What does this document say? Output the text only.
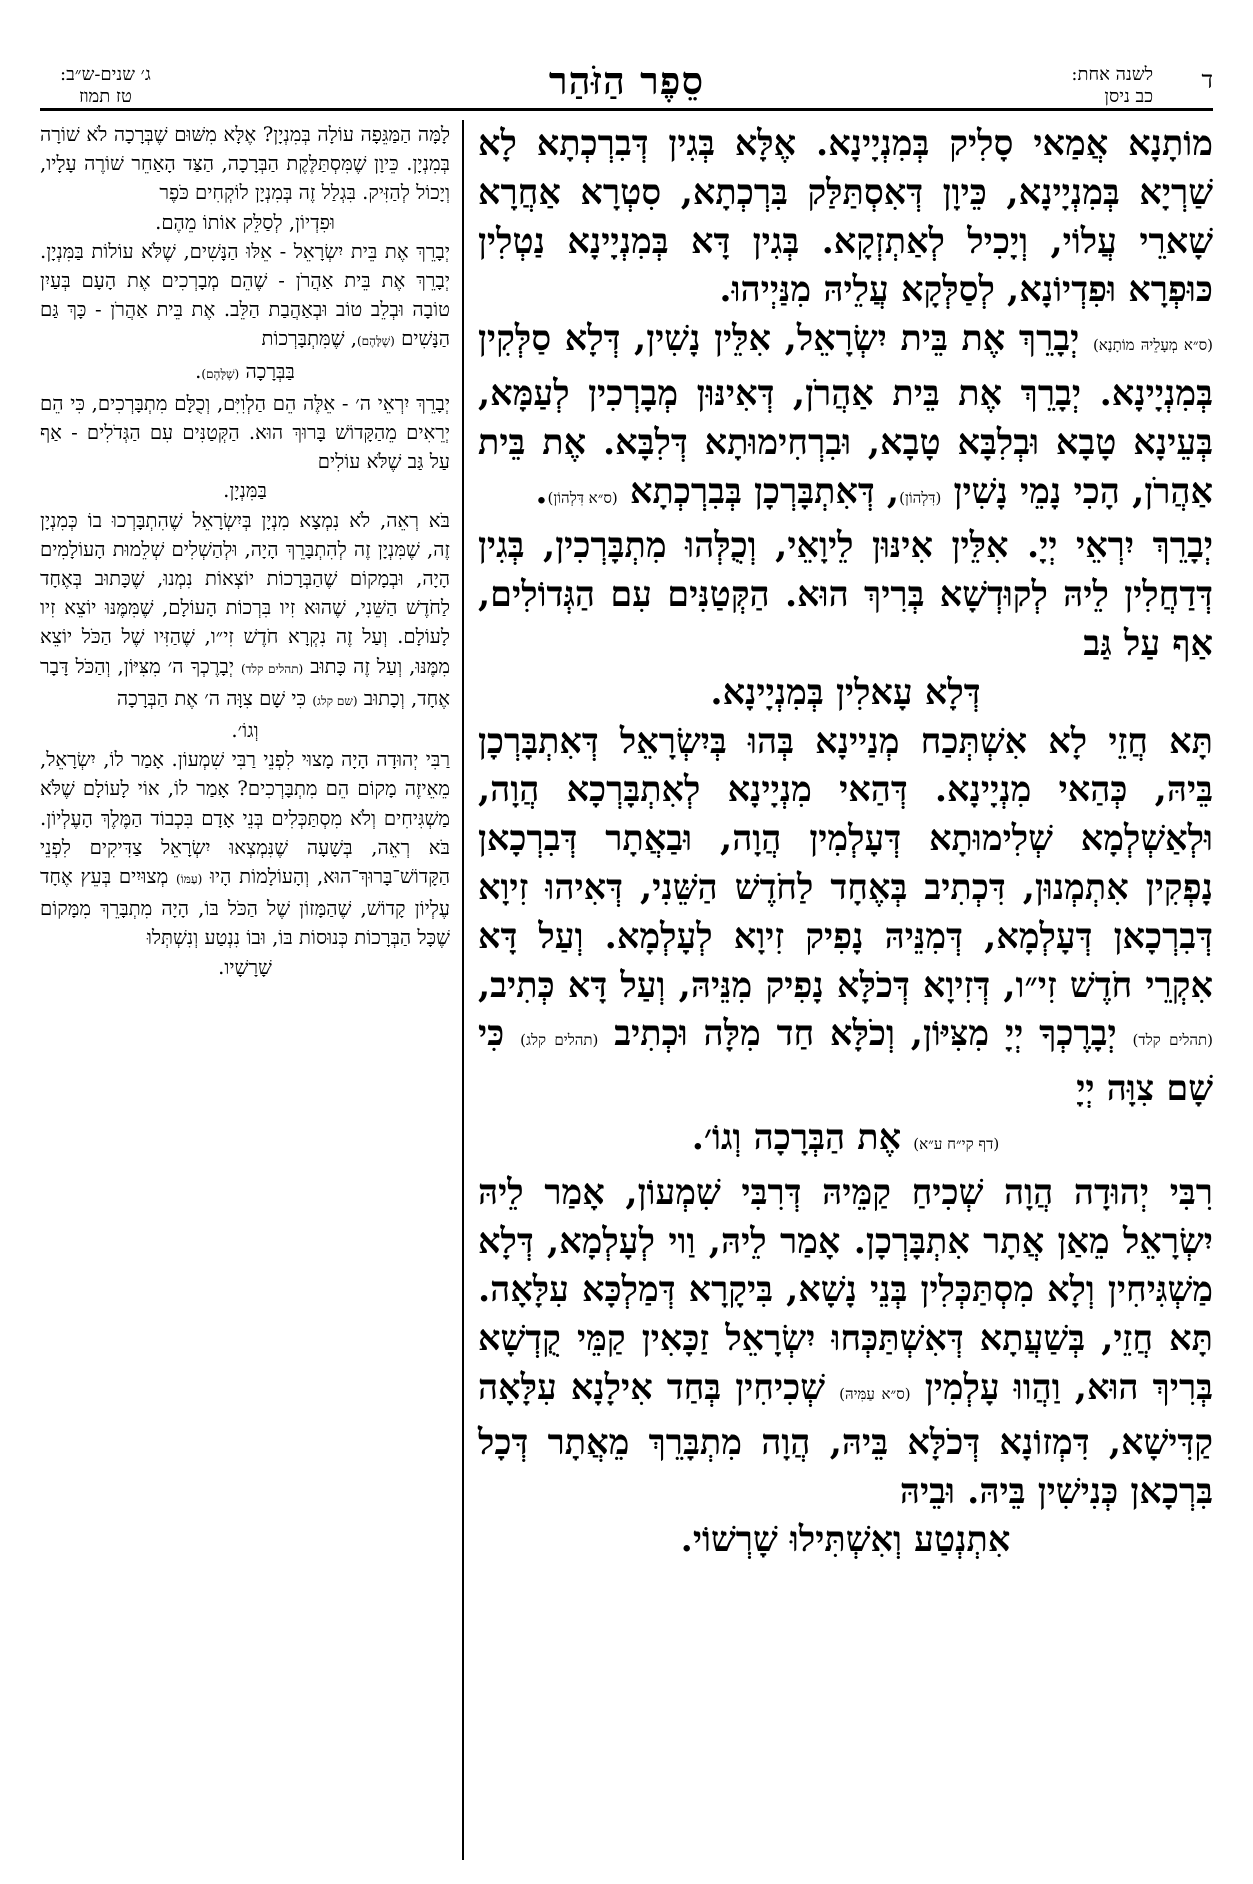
ד
לשנה אחת:
כב ניסן
סֵפֶר הַזֹּהַר
ג׳ שנים-ש״ב:
טז תמוז

מוֹתָנָא אֲמַאי סָלִיק בְּמִנְיָינָא. אֶלָּא בְּגִין דְּבִרְכְתָא לָא שַׁרְיָא בְּמִנְיָינָא, כֵּיוָן דְּאִסְתַּלַּק בִּרְכְתָא, סִטְרָא אַחֲרָא שָׁארֵי עֲלוֹי, וְיָכִיל לְאַתְזְקָא. בְּגִין דָּא בְּמִנְיָינָא נַטְלִין כּוּפְרָא וּפִדְיוֹנָא, לְסַלְּקָא עֲלֵיהּ מִנַּיְיהוּ.

(ס״א מְעָלֵיהּ מוֹתָנָא) יְבָרֵךְ אֶת בֵּית יִשְׂרָאֵל, אִלֵּין נָשִׁין, דְּלָא סַלְּקִין בְּמִנְיָינָא. יְבָרֵךְ אֶת בֵּית אַהֲרֹן, דְּאִינּוּן מְבָרְכִין לְעַמָּא, בְּעֵינָא טָבָא וּבְלִבָּא טָבָא, וּבִרְחִימוּתָא דְּלִבָּא. אֶת בֵּית אַהֲרֹן, הָכִי נָמֵי נָשִׁין (דִּלְהוֹן), דְּאִתְבָּרְכָן בְּבִרְכְתָא (ס״א דִּלְהוֹן).

יְבָרֵךְ יִרְאֵי יְיָ. אִלֵּין אִינּוּן לֵיוָאֵי, וְכֻלְּהוּ מִתְבָּרְכִין, בְּגִין דְּדַחֲלִין לֵיהּ לְקוּדְשָׁא בְּרִיךְ הוּא. הַקְּטַנִּים עִם הַגְּדוֹלִים, אַף עַל גַּב
דְּלָא עָאלִין בְּמִנְיָינָא.

תָּא חֲזֵי לָא אִשְׁתְּכַח מְנַיינָא בְּהוּ בְּיִשְׂרָאֵל דְּאִתְבָּרְכָן בֵּיהּ, כְּהַאי מִנְיָינָא. דְּהַאי מִנְיָינָא לְאִתְבָּרְכָא הֲוָה, וּלְאַשְׁלְמָא שְׁלִימוּתָא דְּעָלְמִין הֲוָה, וּבַאֲתָר דְּבִרְכָאן נָפְקִין אִתְמְנוּן, דִּכְתִיב בְּאֶחָד לַחֹדֶשׁ הַשֵּׁנִי, דְּאִיהוּ זִיוָא דְּבִרְכָאן דְּעָלְמָא, דְּמִנֵּיהּ נָפִיק זִיוָא לְעָלְמָא. וְעַל דָּא אִקְרֵי חֹדֶשׁ זִי״ו, דְּזִיוָא דְּכֹלָּא נָפִיק מִנֵּיהּ, וְעַל דָּא כְּתִיב, (תהלים קלד) יְבָרֶכְךָ יְיָ מִצִּיּוֹן, וְכֹלָּא חַד מִלָּה וּכְתִיב (תהלים קלג) כִּי שָׁם צִוָּה יְיָ
(דף קי״ח ע״א) אֶת הַבְּרָכָה וְגוֹ׳.

רִבִּי יְהוּדָה הֲוָה שְׁכִיחַ קַמֵּיהּ דְּרִבִּי שִׁמְעוֹן, אָמַר לֵיהּ יִשְׂרָאֵל מֵאַן אֲתָר אִתְבָּרְכָן. אָמַר לֵיהּ, וַוי לְעָלְמָא, דְּלָא מַשְׁגִּיחִין וְלָא מִסְתַּכְּלִין בְּנֵי נָשָׁא, בִּיקָרָא דְּמַלְכָּא עִלָּאָה. תָּא חֲזֵי, בְּשַׁעֲתָא דְּאִשְׁתַּכְּחוּ יִשְׂרָאֵל זַכָּאִין קַמֵּי קֻדְשָׁא בְּרִיךְ הוּא, וַהֲווּ עָלְמִין (ס״א עַמִּיהּ) שְׁכִיחִין בְּחַד אִילָנָא עִלָּאָה קַדִּישָׁא, דִּמְזוֹנָא דְּכֹלָּא בֵּיהּ, הֲוָה מִתְבָּרֵךְ מֵאֲתָר דְּכָל בִּרְכָאן כְּנִישִׁין בֵּיהּ. וּבֵיהּ
אִתְנְטַע וְאִשְׁתִּילוּ שָׁרְשׁוֹי.

לָמָּה הַמַּגֵּפָה עוֹלָה בְּמִנְיָן? אֶלָּא מִשּׁוּם שֶׁבְּרָכָה לֹא שׁוֹרָה בְּמִנְיָן. כֵּיוָן שֶׁמִּסְתַּלֶּקֶת הַבְּרָכָה, הַצַּד הָאַחֵר שׁוֹרֶה עָלָיו, וְיָכוֹל לְהַזִּיק. בִּגְלַל זֶה בְּמִנְיָן לוֹקְחִים כֹּפֶר
וּפִדְיוֹן, לְסַלֵּק אוֹתוֹ מֵהֶם.

יְבָרֵךְ אֶת בֵּית יִשְׂרָאֵל - אֵלּוּ הַנָּשִׁים, שֶׁלֹּא עוֹלוֹת בַּמִּנְיָן. יְבָרֵךְ אֶת בֵּית אַהֲרֹן - שֶׁהֵם מְבָרְכִים אֶת הָעָם בְּעַיִן טוֹבָה וּבְלֵב טוֹב וּבְאַהֲבַת הַלֵּב. אֶת בֵּית אַהֲרֹן - כָּךְ גַּם הַנָּשִׁים (שֶׁלָּהֶם), שֶׁמִּתְבָּרְכוֹת
בַּבְּרָכָה (שֶׁלָּהֶם).

יְבָרֵךְ יִרְאֵי ה׳ - אֵלֶּה הֵם הַלְוִיִּם, וְכֻלָּם מִתְבָּרְכִים, כִּי הֵם יְרֵאִים מֵהַקָּדוֹשׁ בָּרוּךְ הוּא. הַקְּטַנִּים עִם הַגְּדֹלִים - אַף עַל גַּב שֶׁלֹּא עוֹלִים
בַּמִּנְיָן.

בֹּא רְאֵה, לֹא נִמְצָא מִנְיָן בְּיִשְׂרָאֵל שֶׁהִתְבָּרְכוּ בוֹ כְּמִנְיָן זֶה, שֶׁמִּנְיָן זֶה לְהִתְבָּרֵךְ הָיָה, וּלְהַשְׁלִים שְׁלֵמוּת הָעוֹלָמִים הָיָה, וּבְמָקוֹם שֶׁהַבְּרָכוֹת יוֹצְאוֹת נִמְנוּ, שֶׁכָּתוּב בְּאֶחָד לַחֹדֶשׁ הַשֵּׁנִי, שֶׁהוּא זִיו בִּרְכוֹת הָעוֹלָם, שֶׁמִּמֶּנּוּ יוֹצֵא זִיו לָעוֹלָם. וְעַל זֶה נִקְרָא חֹדֶשׁ זִי״ו, שֶׁהַזִּיו שֶׁל הַכֹּל יוֹצֵא מִמֶּנּוּ, וְעַל זֶה כָּתוּב (תהלים קלד) יְבָרֶכְךָ ה׳ מִצִּיּוֹן, וְהַכֹּל דָּבָר אֶחָד, וְכָתוּב (שם קלג) כִּי שָׁם צִוָּה ה׳ אֶת הַבְּרָכָה
וְגוֹ׳.

רַבִּי יְהוּדָה הָיָה מָצוּי לִפְנֵי רַבִּי שִׁמְעוֹן. אָמַר לוֹ, יִשְׂרָאֵל, מֵאֵיזֶה מָקוֹם הֵם מִתְבָּרְכִים? אָמַר לוֹ, אוֹי לָעוֹלָם שֶׁלֹּא מַשְׁגִּיחִים וְלֹא מִסְתַּכְּלִים בְּנֵי אָדָם בִּכְבוֹד הַמֶּלֶךְ הָעֶלְיוֹן. בֹּא רְאֵה, בְּשָׁעָה שֶׁנִּמְצְאוּ יִשְׂרָאֵל צַדִּיקִים לִפְנֵי הַקָּדוֹשׁ־בָּרוּךְ־הוּא, וְהָעוֹלָמוֹת הָיוּ (עַמּוֹ) מְצוּיִים בְּעֵץ אֶחָד עֶלְיוֹן קָדוֹשׁ, שֶׁהַמָּזוֹן שֶׁל הַכֹּל בּוֹ, הָיָה מִתְבָּרֵךְ מִמָּקוֹם שֶׁכָּל הַבְּרָכוֹת כְּנוּסוֹת בּוֹ, וּבוֹ נִנְטַע וְנִשְׁתְּלוּ
שָׁרָשָׁיו.
